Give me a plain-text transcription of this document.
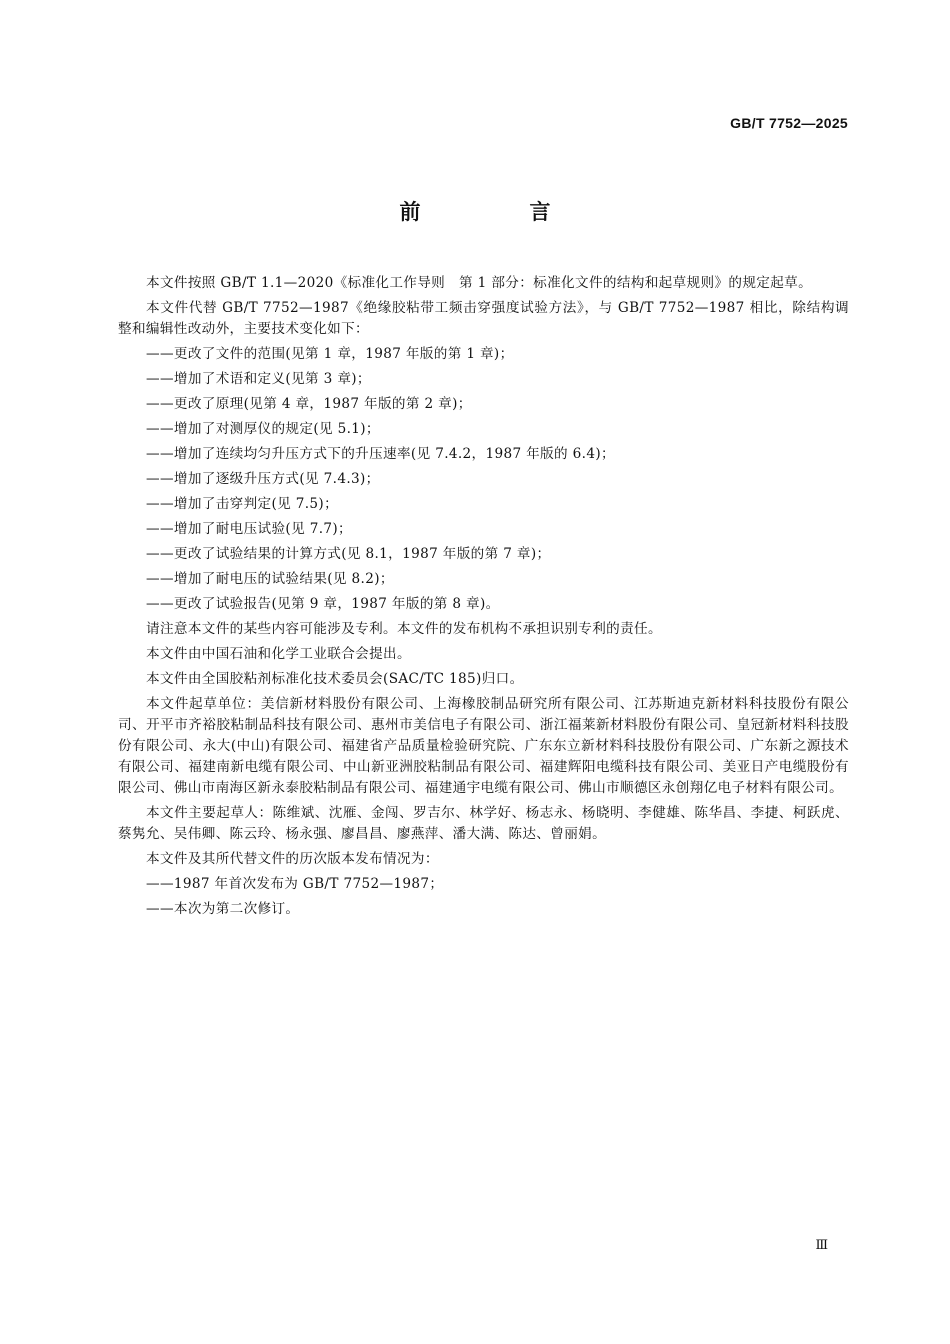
GB/T 7752—2025
前　言

本文件按照 GB/T 1.1—2020《标准化工作导则　第 1 部分：标准化文件的结构和起草规则》的规定起草。

本文件代替 GB/T 7752—1987《绝缘胶粘带工频击穿强度试验方法》，与 GB/T 7752—1987 相比，除结构调整和编辑性改动外，主要技术变化如下：

——更改了文件的范围(见第 1 章，1987 年版的第 1 章)；

——增加了术语和定义(见第 3 章)；

——更改了原理(见第 4 章，1987 年版的第 2 章)；

——增加了对测厚仪的规定(见 5.1)；

——增加了连续均匀升压方式下的升压速率(见 7.4.2，1987 年版的 6.4)；

——增加了逐级升压方式(见 7.4.3)；

——增加了击穿判定(见 7.5)；

——增加了耐电压试验(见 7.7)；

——更改了试验结果的计算方式(见 8.1，1987 年版的第 7 章)；

——增加了耐电压的试验结果(见 8.2)；

——更改了试验报告(见第 9 章，1987 年版的第 8 章)。

请注意本文件的某些内容可能涉及专利。本文件的发布机构不承担识别专利的责任。

本文件由中国石油和化学工业联合会提出。

本文件由全国胶粘剂标准化技术委员会(SAC/TC 185)归口。

本文件起草单位：美信新材料股份有限公司、上海橡胶制品研究所有限公司、江苏斯迪克新材料科技股份有限公司、开平市齐裕胶粘制品科技有限公司、惠州市美信电子有限公司、浙江福莱新材料股份有限公司、皇冠新材料科技股份有限公司、永大(中山)有限公司、福建省产品质量检验研究院、广东东立新材料科技股份有限公司、广东新之源技术有限公司、福建南新电缆有限公司、中山新亚洲胶粘制品有限公司、福建辉阳电缆科技有限公司、美亚日产电缆股份有限公司、佛山市南海区新永泰胶粘制品有限公司、福建通宇电缆有限公司、佛山市顺德区永创翔亿电子材料有限公司。

本文件主要起草人：陈维斌、沈雁、金闯、罗吉尔、林学好、杨志永、杨晓明、李健雄、陈华昌、李捷、柯跃虎、蔡隽允、吴伟卿、陈云玲、杨永强、廖昌昌、廖燕萍、潘大满、陈达、曾丽娟。

本文件及其所代替文件的历次版本发布情况为：

——1987 年首次发布为 GB/T 7752—1987；

——本次为第二次修订。

Ⅲ
